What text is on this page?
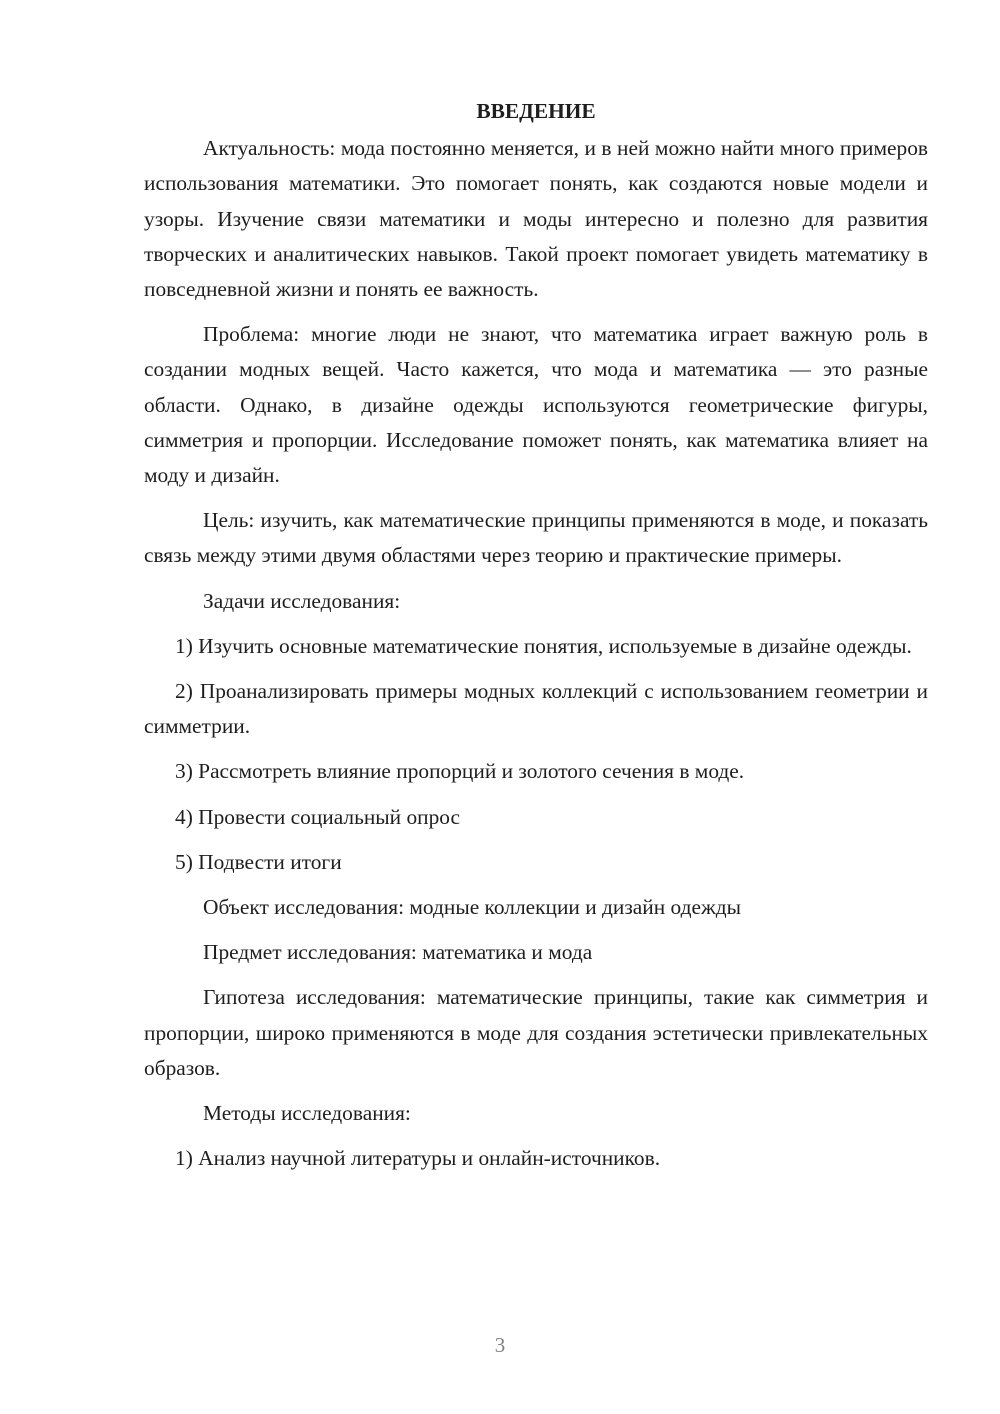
ВВЕДЕНИЕ

Актуальность: мода постоянно меняется, и в ней можно найти много примеров использования математики. Это помогает понять, как создаются новые модели и узоры. Изучение связи математики и моды интересно и полезно для развития творческих и аналитических навыков. Такой проект помогает увидеть математику в повседневной жизни и понять ее важность.

Проблема: многие люди не знают, что математика играет важную роль в создании модных вещей. Часто кажется, что мода и математика — это разные области. Однако, в дизайне одежды используются геометрические фигуры, симметрия и пропорции. Исследование поможет понять, как математика влияет на моду и дизайн.

Цель: изучить, как математические принципы применяются в моде, и показать связь между этими двумя областями через теорию и практические примеры.

Задачи исследования:

1) Изучить основные математические понятия, используемые в дизайне одежды.

2) Проанализировать примеры модных коллекций с использованием геометрии и симметрии.

3) Рассмотреть влияние пропорций и золотого сечения в моде.

4) Провести социальный опрос

5) Подвести итоги

Объект исследования: модные коллекции и дизайн одежды

Предмет исследования: математика и мода

Гипотеза исследования: математические принципы, такие как симметрия и пропорции, широко применяются в моде для создания эстетически привлекательных образов.

Методы исследования:

1) Анализ научной литературы и онлайн-источников.

3
